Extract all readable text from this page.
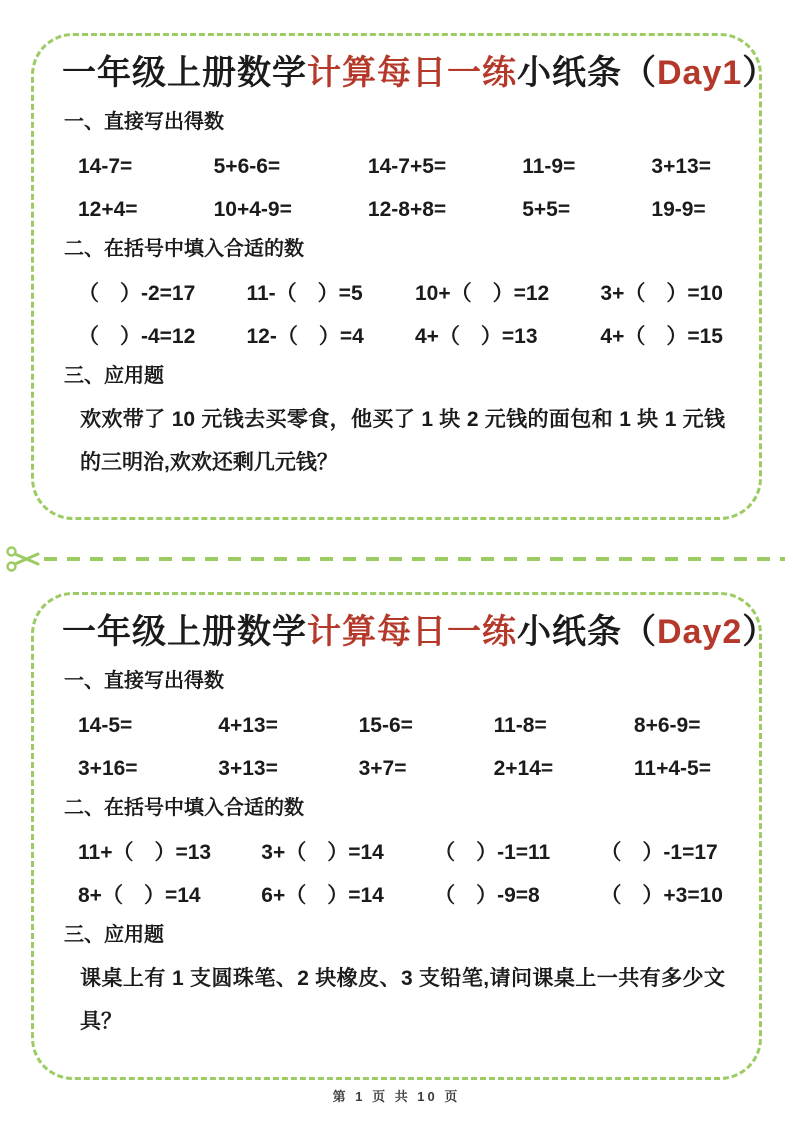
一年级上册数学计算每日一练小纸条（Day1）
一、直接写出得数
14-7=	5+6-6=	14-7+5=	11-9=	3+13=
12+4=	10+4-9=	12-8+8=	5+5=	19-9=
二、在括号中填入合适的数
（　）-2=17 11-（　）=5 10+（　）=12 3+（　）=10
（　）-4=12 12-（　）=4 4+（　）=13	4+（　）=15
三、应用题

欢欢带了 10 元钱去买零食，他买了 1 块 2 元钱的面包和 1 块 1 元钱的三明治,欢欢还剩几元钱？

一年级上册数学计算每日一练小纸条（Day2）
一、直接写出得数
14-5=	4+13=	15-6=	11-8=	8+6-9=
3+16=	3+13=	3+7=	2+14=	11+4-5=
二、在括号中填入合适的数
11+（　）=13 3+（　）=14 （　）-1=11 （　）-1=17
8+（　）=14	6+（　）=14 （　）-9=8	（　）+3=10
三、应用题

课桌上有 1 支圆珠笔、2 块橡皮、3 支铅笔,请问课桌上一共有多少文具？

第 1 页 共 10 页
